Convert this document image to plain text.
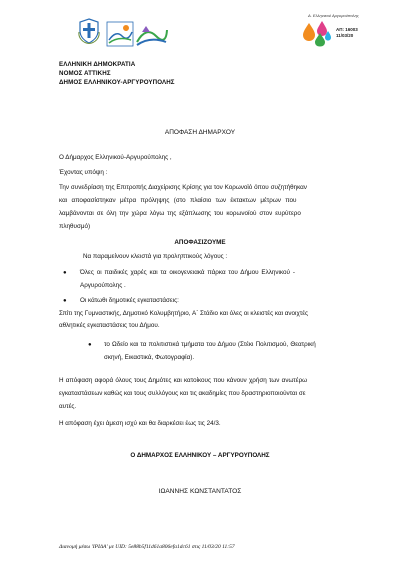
Δ. Ελληνικού Αργυρούπολης
ΑΠ: 16003
11/03/20
ΕΛΛΗΝΙΚΗ ΔΗΜΟΚΡΑΤΙΑ
ΝΟΜΟΣ ΑΤΤΙΚΗΣ
ΔΗΜΟΣ ΕΛΛΗΝΙΚΟΥ-ΑΡΓΥΡΟΥΠΟΛΗΣ
ΑΠΟΦΑΣΗ ΔΗΜΑΡΧΟΥ
Ο Δήμαρχος Ελληνικού-Αργυρούπολης ,
Έχοντας υπόψη :
Την συνεδρίαση της Επιτροπής Διαχείρισης Κρίσης για τον Κορωνοϊό όπου συζητήθηκαν
και αποφασίστηκαν μέτρα πρόληψης (στο πλαίσιο των έκτακτων μέτρων που
λαμβάνονται σε όλη την χώρα λόγω της εξάπλωσης του κορωνοϊού στον ευρύτερο
πληθυσμό)
ΑΠΟΦΑΣΙΖΟΥΜΕ
Να παραμείνουν κλειστά για προληπτικούς λόγους :
● Όλες οι παιδικές χαρές και τα οικογενειακά πάρκα του Δήμου Ελληνικού -
Αργυρούπολης .
● Οι κάτωθι δημοτικές εγκαταστάσεις:
Σπίτι της Γυμναστικής, Δημοτικό Κολυμβητήριο, Α΄ Στάδιο και όλες οι κλειστές και ανοιχτές
αθλητικές εγκαταστάσεις του Δήμου.
● το Ωδείο και τα πολιτιστικά τμήματα του Δήμου (Στέκι Πολιτισμού, Θεατρική
σκηνή, Εικαστικά, Φωτογραφία).
Η απόφαση αφορά όλους τους Δημότες και κατοίκους που κάνουν χρήση των ανωτέρω
εγκαταστάσεων καθώς και τους συλλόγους και τις ακαδημίες που δραστηριοποιούνται σε
αυτές.
Η απόφαση έχει άμεση ισχύ και θα διαρκέσει έως τις 24/3.
Ο ΔΗΜΑΡΧΟΣ ΕΛΛΗΝΙΚΟΥ – ΑΡΓΥΡΟΥΠΟΛΗΣ
ΙΩΑΝΝΗΣ ΚΩΝΣΤΑΝΤΑΤΟΣ
Διανομή μέσω 'ΙΡΙΔΑ' με UID: 5e88b5f11d61a806efa1dc61 στις 11/03/20 11:57
